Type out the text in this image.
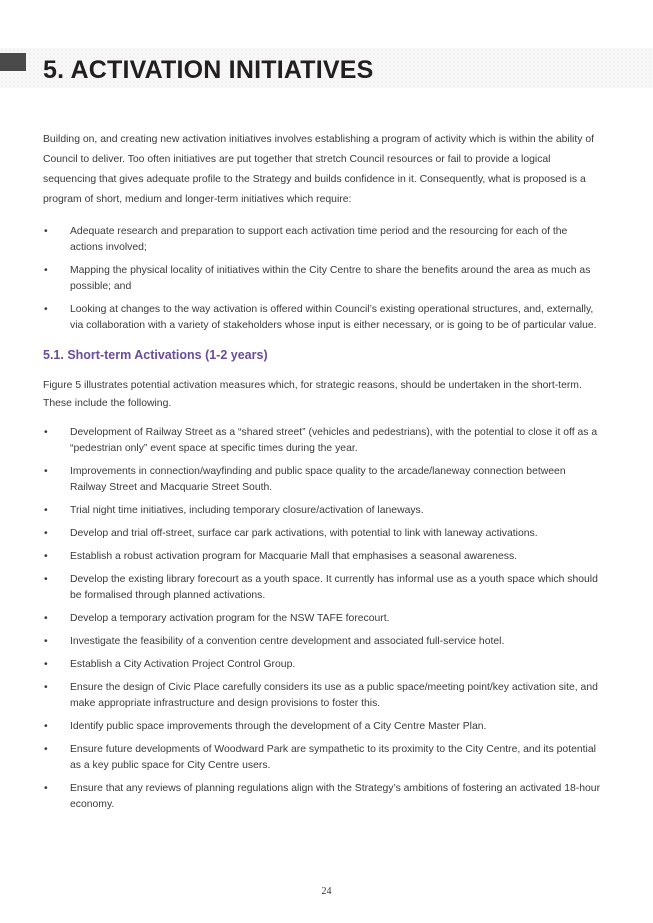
5. ACTIVATION INITIATIVES

Building on, and creating new activation initiatives involves establishing a program of activity which is within the ability of Council to deliver. Too often initiatives are put together that stretch Council resources or fail to provide a logical sequencing that gives adequate profile to the Strategy and builds confidence in it. Consequently, what is proposed is a program of short, medium and longer-term initiatives which require:

•	Adequate research and preparation to support each activation time period and the resourcing for each of the actions involved;
•	Mapping the physical locality of initiatives within the City Centre to share the benefits around the area as much as possible; and
•	Looking at changes to the way activation is offered within Council’s existing operational structures, and, externally, via collaboration with a variety of stakeholders whose input is either necessary, or is going to be of particular value.
5.1. Short-term Activations (1-2 years)

Figure 5 illustrates potential activation measures which, for strategic reasons, should be undertaken in the short-term. These include the following.

•	Development of Railway Street as a “shared street” (vehicles and pedestrians), with the potential to close it off as a “pedestrian only” event space at specific times during the year.
•	Improvements in connection/wayfinding and public space quality to the arcade/laneway connection between Railway Street and Macquarie Street South.
•	Trial night time initiatives, including temporary closure/activation of laneways.
•	Develop and trial off-street, surface car park activations, with potential to link with laneway activations.
•	Establish a robust activation program for Macquarie Mall that emphasises a seasonal awareness.
•	Develop the existing library forecourt as a youth space. It currently has informal use as a youth space which should be formalised through planned activations.
•	Develop a temporary activation program for the NSW TAFE forecourt.
•	Investigate the feasibility of a convention centre development and associated full-service hotel.
•	Establish a City Activation Project Control Group.
•	Ensure the design of Civic Place carefully considers its use as a public space/meeting point/key activation site, and make appropriate infrastructure and design provisions to foster this.
•	Identify public space improvements through the development of a City Centre Master Plan.
•	Ensure future developments of Woodward Park are sympathetic to its proximity to the City Centre, and its potential as a key public space for City Centre users.
•	Ensure that any reviews of planning regulations align with the Strategy’s ambitions of fostering an activated 18-hour economy.
24
